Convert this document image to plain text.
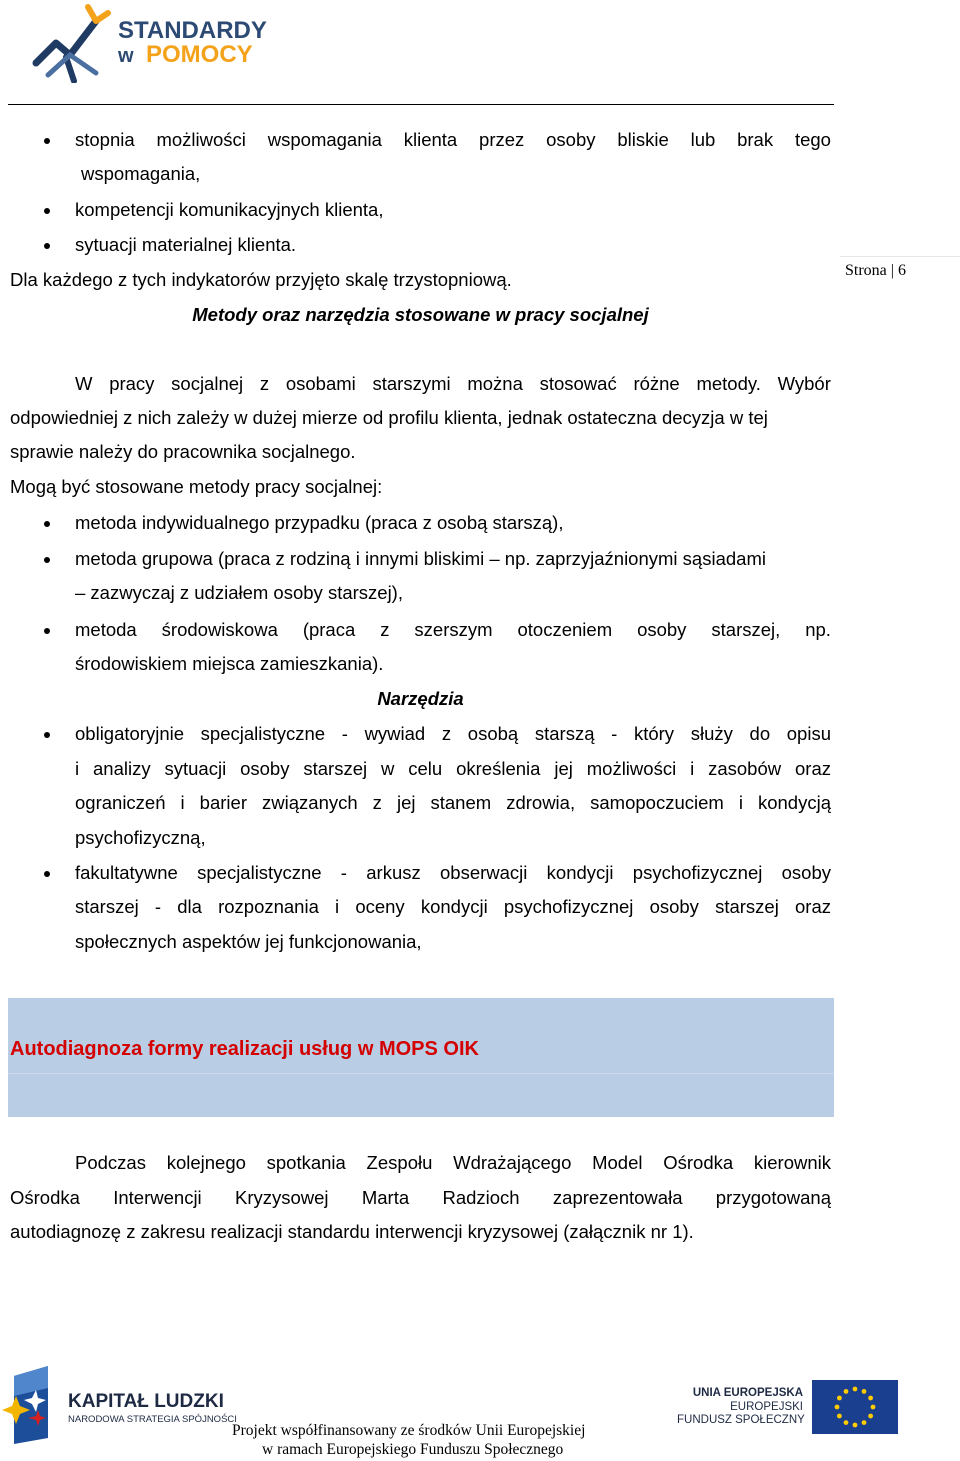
STANDARDY
w POMOCY
Strona | 6
stopnia możliwości wspomagania klienta przez osoby bliskie lub brak tego
wspomagania,
kompetencji komunikacyjnych klienta,
sytuacji materialnej klienta.
Dla każdego z tych indykatorów przyjęto skalę trzystopniową.
Metody oraz narzędzia stosowane w pracy socjalnej
W pracy socjalnej z osobami starszymi można stosować różne metody. Wybór
odpowiedniej z nich zależy w dużej mierze od profilu klienta, jednak ostateczna decyzja w tej
sprawie należy do pracownika socjalnego.
Mogą być stosowane metody pracy socjalnej:
metoda indywidualnego przypadku (praca z osobą starszą),
metoda grupowa (praca z rodziną i innymi bliskimi – np. zaprzyjaźnionymi sąsiadami
– zazwyczaj z udziałem osoby starszej),
metoda środowiskowa (praca z szerszym otoczeniem osoby starszej, np.
środowiskiem miejsca zamieszkania).
Narzędzia
obligatoryjnie specjalistyczne - wywiad z osobą starszą - który służy do opisu
i analizy sytuacji osoby starszej w celu określenia jej możliwości i zasobów oraz
ograniczeń i barier związanych z jej stanem zdrowia, samopoczuciem i kondycją
psychofizyczną,
fakultatywne specjalistyczne - arkusz obserwacji kondycji psychofizycznej osoby
starszej - dla rozpoznania i oceny kondycji psychofizycznej osoby starszej oraz
społecznych aspektów jej funkcjonowania,
Autodiagnoza formy realizacji usług w MOPS OIK
Podczas kolejnego spotkania Zespołu Wdrażającego Model Ośrodka kierownik
Ośrodka Interwencji Kryzysowej Marta Radzioch zaprezentowała przygotowaną
autodiagnozę z zakresu realizacji standardu interwencji kryzysowej (załącznik nr 1).
KAPITAŁ LUDZKI
NARODOWA STRATEGIA SPÓJNOŚCI
Projekt współfinansowany ze środków Unii Europejskiej
w ramach Europejskiego Funduszu Społecznego
UNIA EUROPEJSKA
EUROPEJSKI
FUNDUSZ SPOŁECZNY
